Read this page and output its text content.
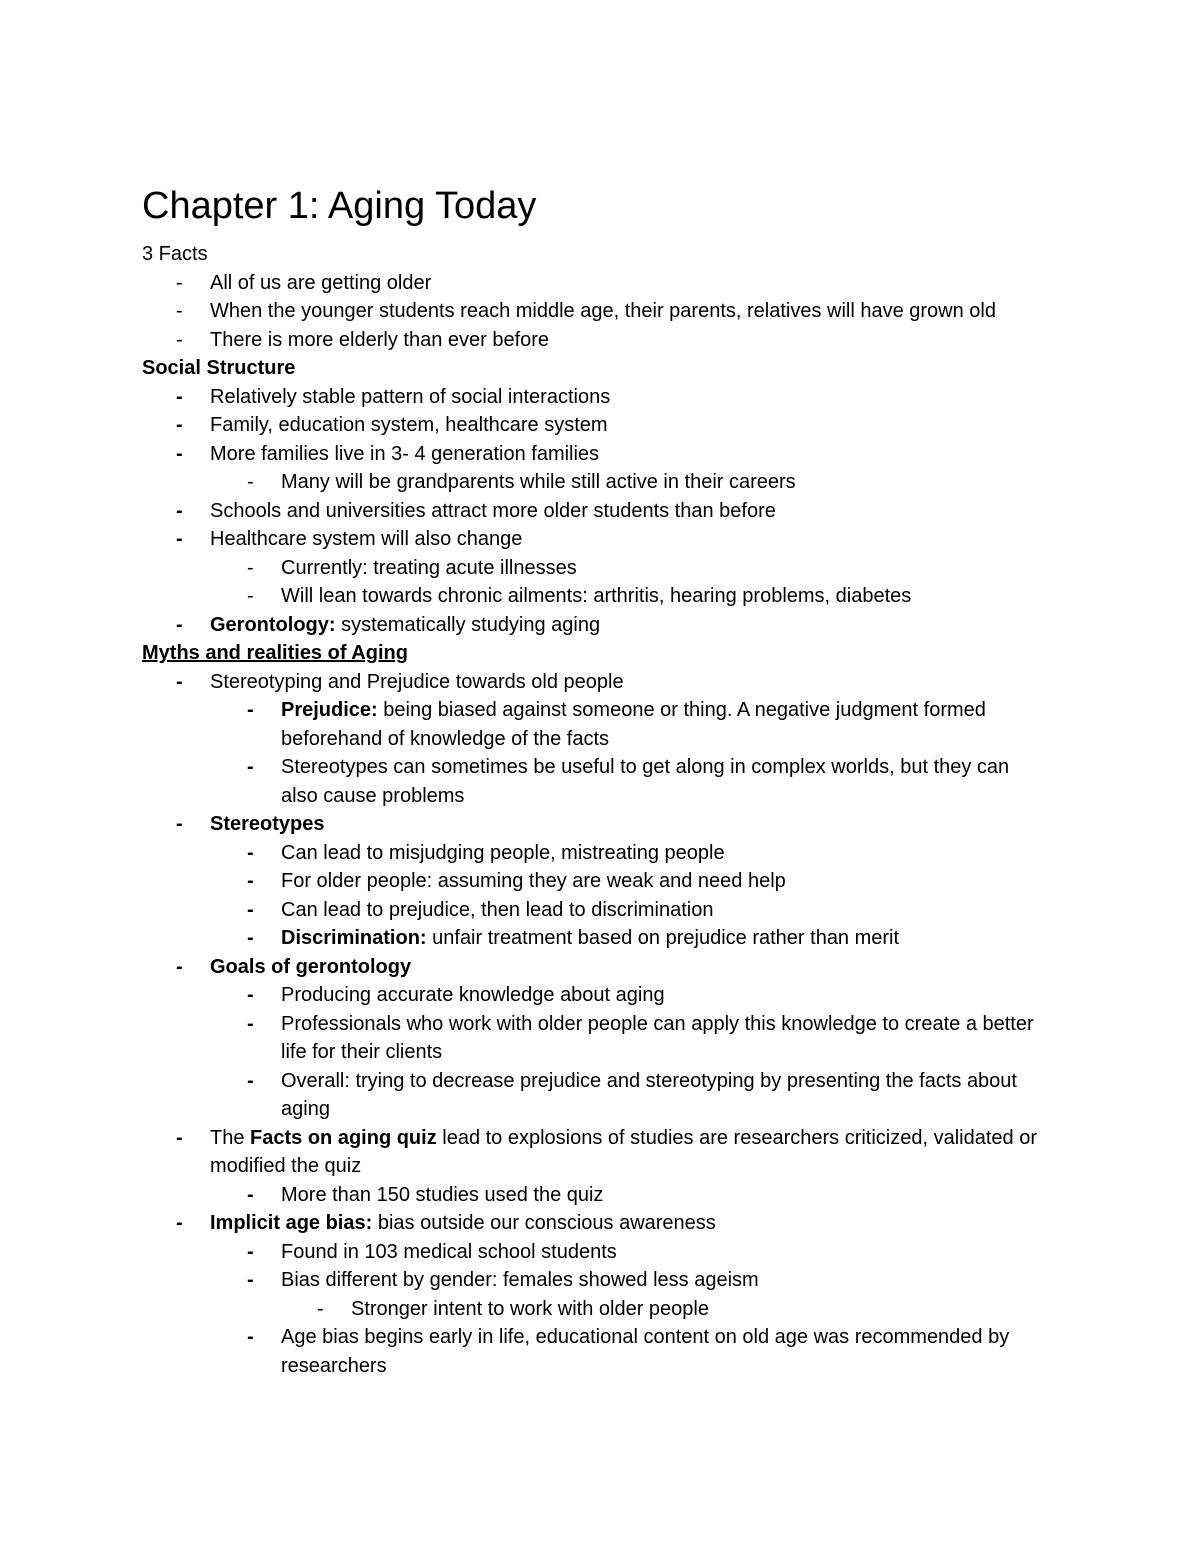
Chapter 1: Aging Today
3 Facts
-	All of us are getting older
-	When the younger students reach middle age, their parents, relatives will have grown old
-	There is more elderly than ever before
Social Structure
-	Relatively stable pattern of social interactions
-	Family, education system, healthcare system
-	More families live in 3- 4 generation families
-	Many will be grandparents while still active in their careers
-	Schools and universities attract more older students than before
-	Healthcare system will also change
-	Currently: treating acute illnesses
-	Will lean towards chronic ailments: arthritis, hearing problems, diabetes
-	Gerontology: systematically studying aging
Myths and realities of Aging
-	Stereotyping and Prejudice towards old people
-	Prejudice: being biased against someone or thing. A negative judgment formed beforehand of knowledge of the facts
-	Stereotypes can sometimes be useful to get along in complex worlds, but they can also cause problems
-	Stereotypes
-	Can lead to misjudging people, mistreating people
-	For older people: assuming they are weak and need help
-	Can lead to prejudice, then lead to discrimination
-	Discrimination: unfair treatment based on prejudice rather than merit
-	Goals of gerontology
-	Producing accurate knowledge about aging
-	Professionals who work with older people can apply this knowledge to create a better life for their clients
-	Overall: trying to decrease prejudice and stereotyping by presenting the facts about aging
-	The Facts on aging quiz lead to explosions of studies are researchers criticized, validated or modified the quiz
-	More than 150 studies used the quiz
-	Implicit age bias: bias outside our conscious awareness
-	Found in 103 medical school students
-	Bias different by gender: females showed less ageism
-	Stronger intent to work with older people
-	Age bias begins early in life, educational content on old age was recommended by researchers
